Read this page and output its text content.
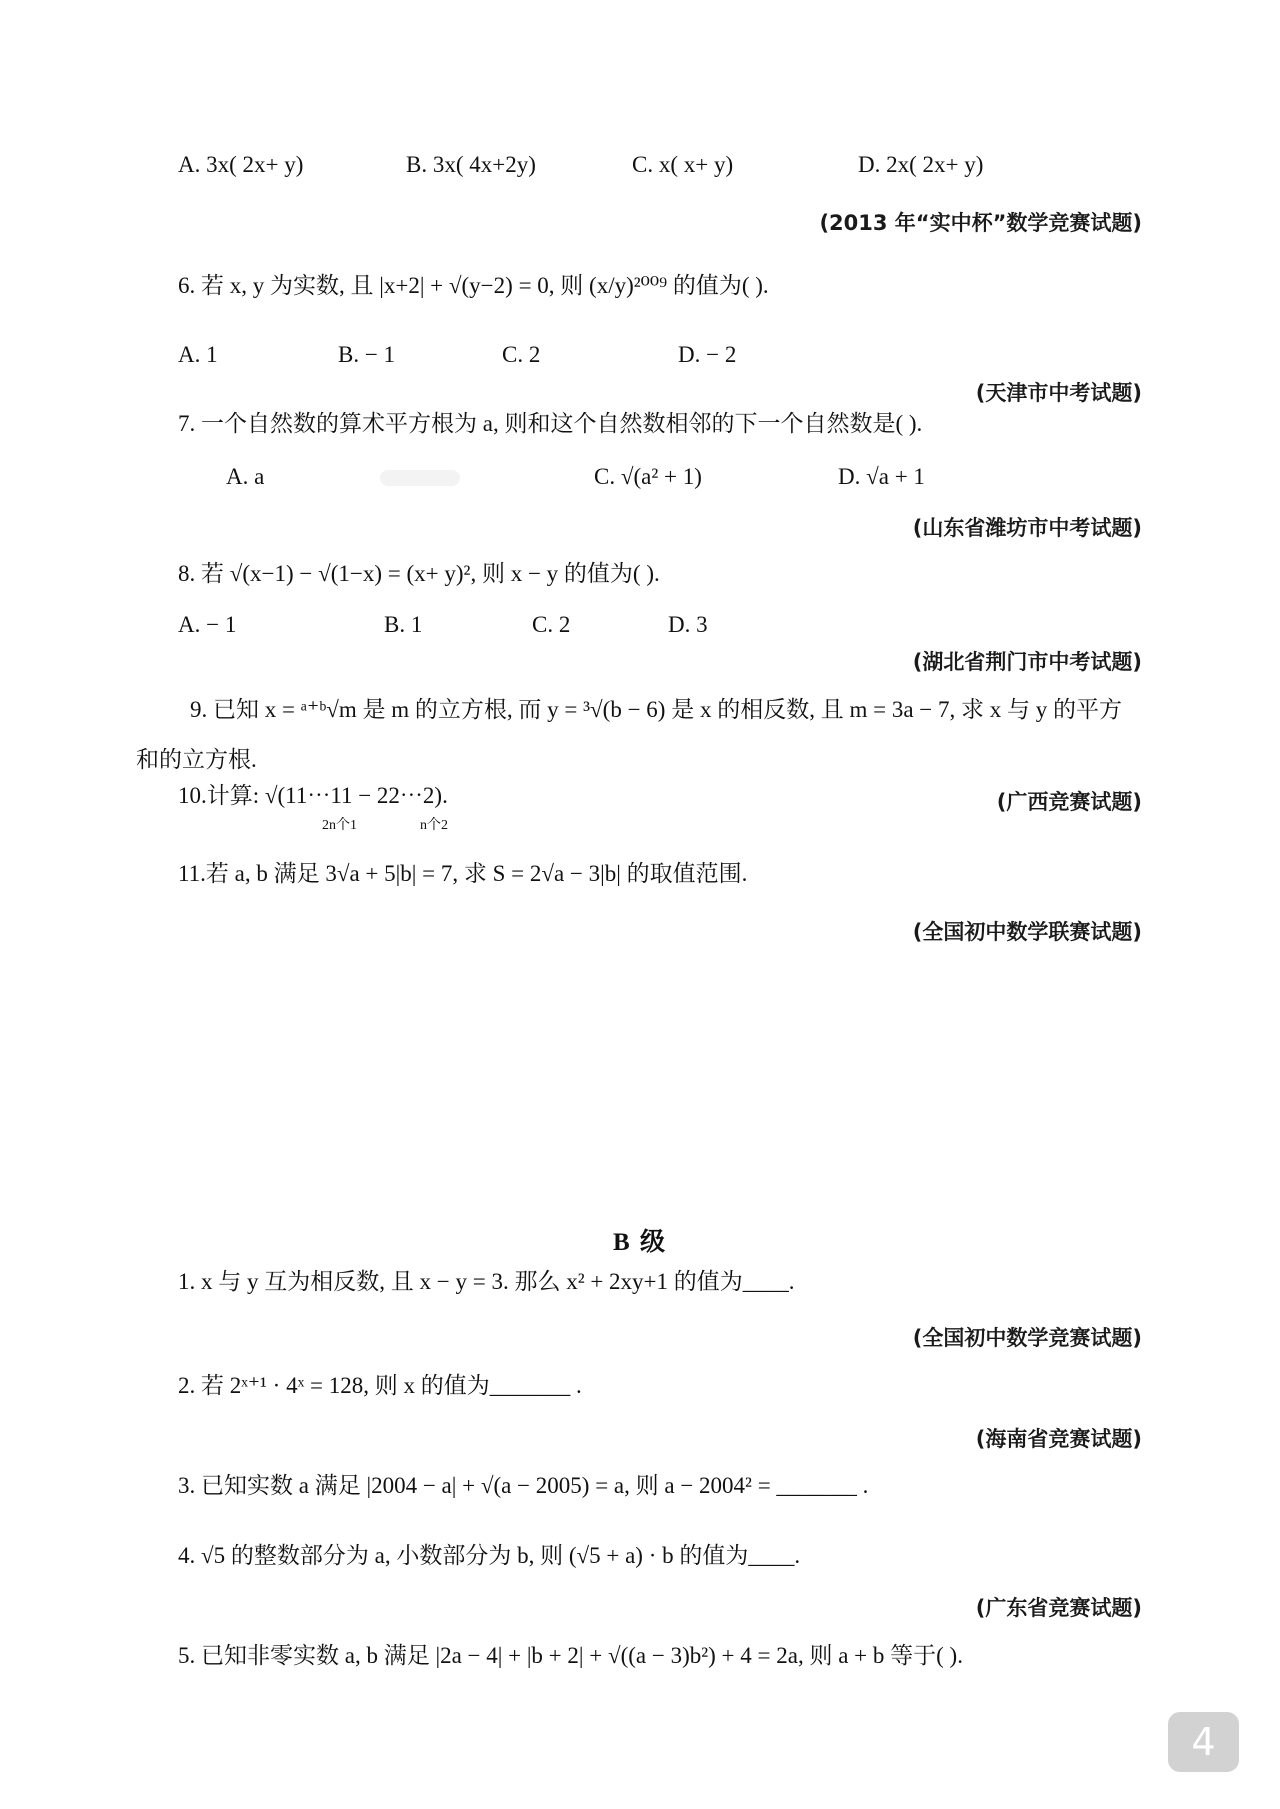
A. 3x( 2x+ y)	B. 3x( 4x+2y)	C. x( x+ y)	D. 2x( 2x+ y)
(2013 年“实中杯”数学竞赛试题)
6. 若 x, y 为实数, 且 |x+2| + √(y−2) = 0, 则 (x/y)²⁰⁰⁹ 的值为( ).
A. 1	B. − 1	C. 2	D. − 2
(天津市中考试题)
7. 一个自然数的算术平方根为 a, 则和这个自然数相邻的下一个自然数是( ).
A. a	C. √(a² + 1)	D. √a + 1
(山东省潍坊市中考试题)
8. 若 √(x−1) − √(1−x) = (x+ y)², 则 x − y 的值为( ).
A. − 1	B. 1	C. 2	D. 3
(湖北省荆门市中考试题)
9. 已知 x = ᵃ⁺ᵇ√m 是 m 的立方根, 而 y = ³√(b − 6) 是 x 的相反数, 且 m = 3a − 7, 求 x 与 y 的平方
和的立方根.
10.计算: √(11⋯11 − 22⋯2).
2n个1	n个2
(广西竞赛试题)
11.若 a, b 满足 3√a + 5|b| = 7, 求 S = 2√a − 3|b| 的取值范围.
(全国初中数学联赛试题)
B 级
1. x 与 y 互为相反数, 且 x − y = 3. 那么 x² + 2xy+1 的值为____.
(全国初中数学竞赛试题)
2. 若 2ˣ⁺¹ · 4ˣ = 128, 则 x 的值为_______ .
(海南省竞赛试题)
3. 已知实数 a 满足 |2004 − a| + √(a − 2005) = a, 则 a − 2004² = _______ .
4. √5 的整数部分为 a, 小数部分为 b, 则 (√5 + a) · b 的值为____.
(广东省竞赛试题)
5. 已知非零实数 a, b 满足 |2a − 4| + |b + 2| + √((a − 3)b²) + 4 = 2a, 则 a + b 等于( ).
4
